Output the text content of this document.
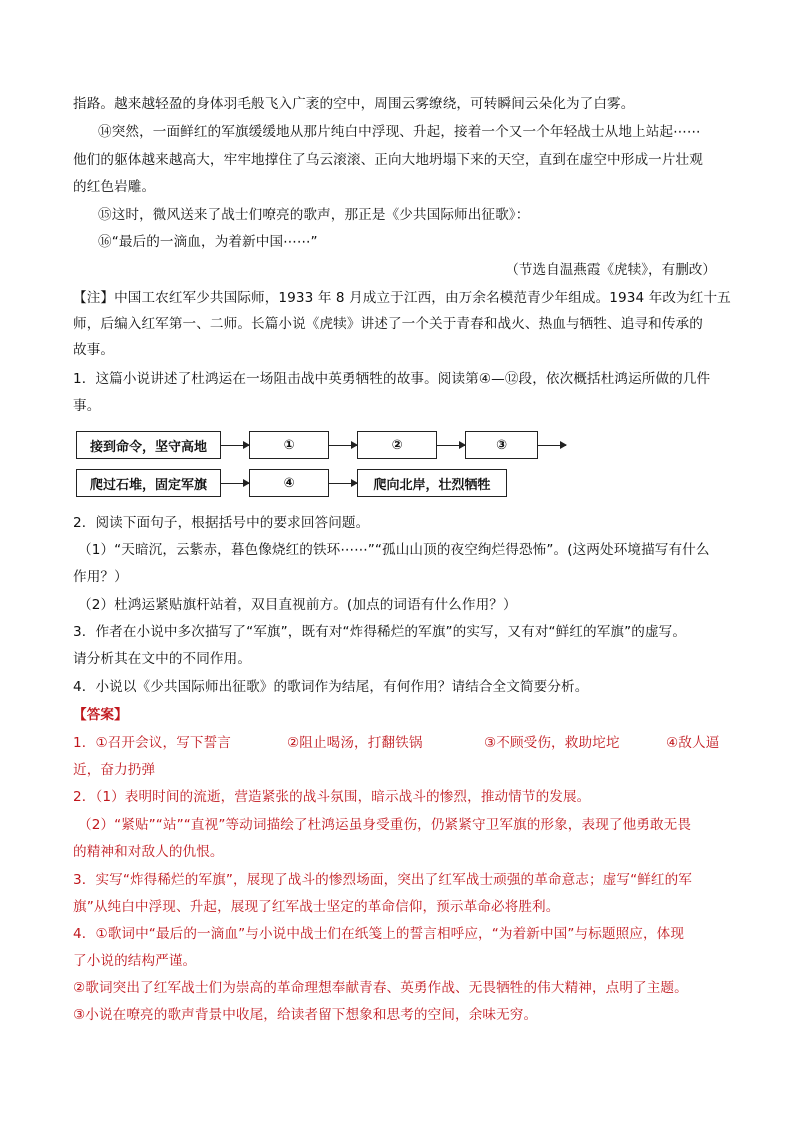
指路。越来越轻盈的身体羽毛般飞入广袤的空中，周围云雾缭绕，可转瞬间云朵化为了白雾。
⑭突然，一面鲜红的军旗缓缓地从那片纯白中浮现、升起，接着一个又一个年轻战士从地上站起⋯⋯
他们的躯体越来越高大，牢牢地撑住了乌云滚滚、正向大地坍塌下来的天空，直到在虚空中形成一片壮观
的红色岩雕。
⑮这时，微风送来了战士们嘹亮的歌声，那正是《少共国际师出征歌》：
⑯“最后的一滴血，为着新中国⋯⋯”
（节选自温燕霞《虎犊》，有删改）
【注】中国工农红军少共国际师，1933 年 8 月成立于江西，由万余名模范青少年组成。1934 年改为红十五
师，后编入红军第一、二师。长篇小说《虎犊》讲述了一个关于青春和战火、热血与牺牲、追寻和传承的
故事。
1．这篇小说讲述了杜鸿运在一场阻击战中英勇牺牲的故事。阅读第④—⑫段，依次概括杜鸿运所做的几件
事。
接到命令，坚守高地	①	②	③
爬过石堆，固定军旗	④	爬向北岸，壮烈牺牲
2．阅读下面句子，根据括号中的要求回答问题。
（1）“天暗沉，云紫赤，暮色像烧红的铁环⋯⋯”“孤山山顶的夜空绚烂得恐怖”。(这两处环境描写有什么
作用？）
（2）杜鸿运紧贴旗杆站着，双目直视前方。(加点的词语有什么作用？）
3．作者在小说中多次描写了“军旗”，既有对“炸得稀烂的军旗”的实写，又有对“鲜红的军旗”的虚写。
请分析其在文中的不同作用。
4．小说以《少共国际师出征歌》的歌词作为结尾，有何作用？请结合全文简要分析。
【答案】
1．①召开会议，写下誓言	②阻止喝汤，打翻铁锅	③不顾受伤，救助坨坨	④敌人逼
近，奋力扔弹
2．（1）表明时间的流逝，营造紧张的战斗氛围，暗示战斗的惨烈，推动情节的发展。
（2）“紧贴”“站”“直视”等动词描绘了杜鸿运虽身受重伤，仍紧紧守卫军旗的形象，表现了他勇敢无畏
的精神和对敌人的仇恨。
3．实写“炸得稀烂的军旗”，展现了战斗的惨烈场面，突出了红军战士顽强的革命意志；虚写“鲜红的军
旗”从纯白中浮现、升起，展现了红军战士坚定的革命信仰，预示革命必将胜利。
4．①歌词中“最后的一滴血”与小说中战士们在纸笺上的誓言相呼应，“为着新中国”与标题照应，体现
了小说的结构严谨。
②歌词突出了红军战士们为崇高的革命理想奉献青春、英勇作战、无畏牺牲的伟大精神，点明了主题。
③小说在嘹亮的歌声背景中收尾，给读者留下想象和思考的空间，余味无穷。
